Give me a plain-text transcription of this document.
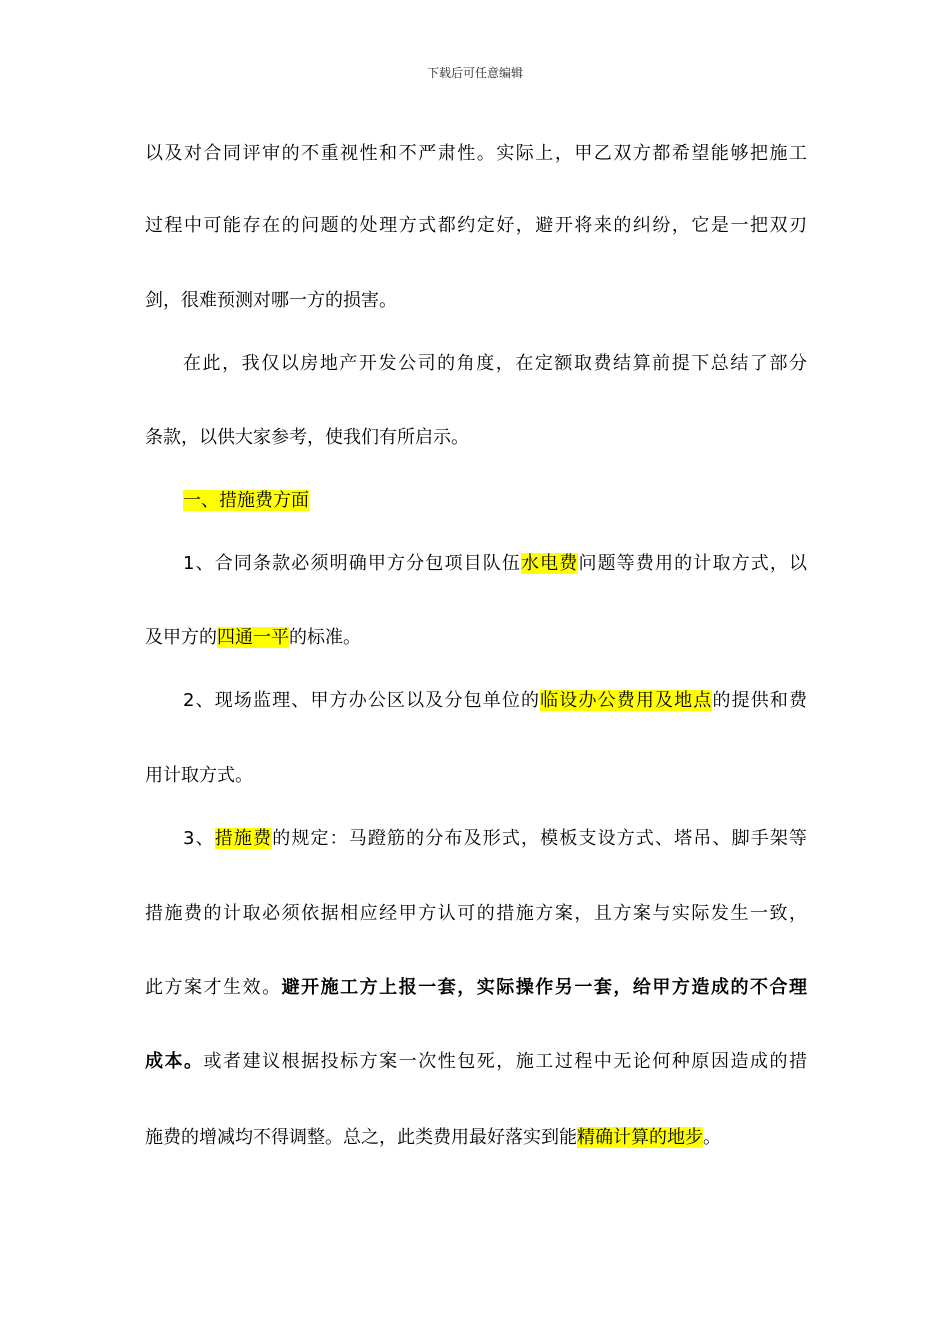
下载后可任意编辑
以及对合同评审的不重视性和不严肃性。实际上，甲乙双方都希望能够把施工
过程中可能存在的问题的处理方式都约定好，避开将来的纠纷，它是一把双刃
剑，很难预测对哪一方的损害。
在此，我仅以房地产开发公司的角度，在定额取费结算前提下总结了部分
条款，以供大家参考，使我们有所启示。
一、措施费方面
1、合同条款必须明确甲方分包项目队伍水电费问题等费用的计取方式，以
及甲方的四通一平的标准。
2、现场监理、甲方办公区以及分包单位的临设办公费用及地点的提供和费
用计取方式。
3、措施费的规定：马蹬筋的分布及形式，模板支设方式、塔吊、脚手架等
措施费的计取必须依据相应经甲方认可的措施方案，且方案与实际发生一致，
此方案才生效。避开施工方上报一套，实际操作另一套，给甲方造成的不合理
成本。或者建议根据投标方案一次性包死，施工过程中无论何种原因造成的措
施费的增减均不得调整。总之，此类费用最好落实到能精确计算的地步。
